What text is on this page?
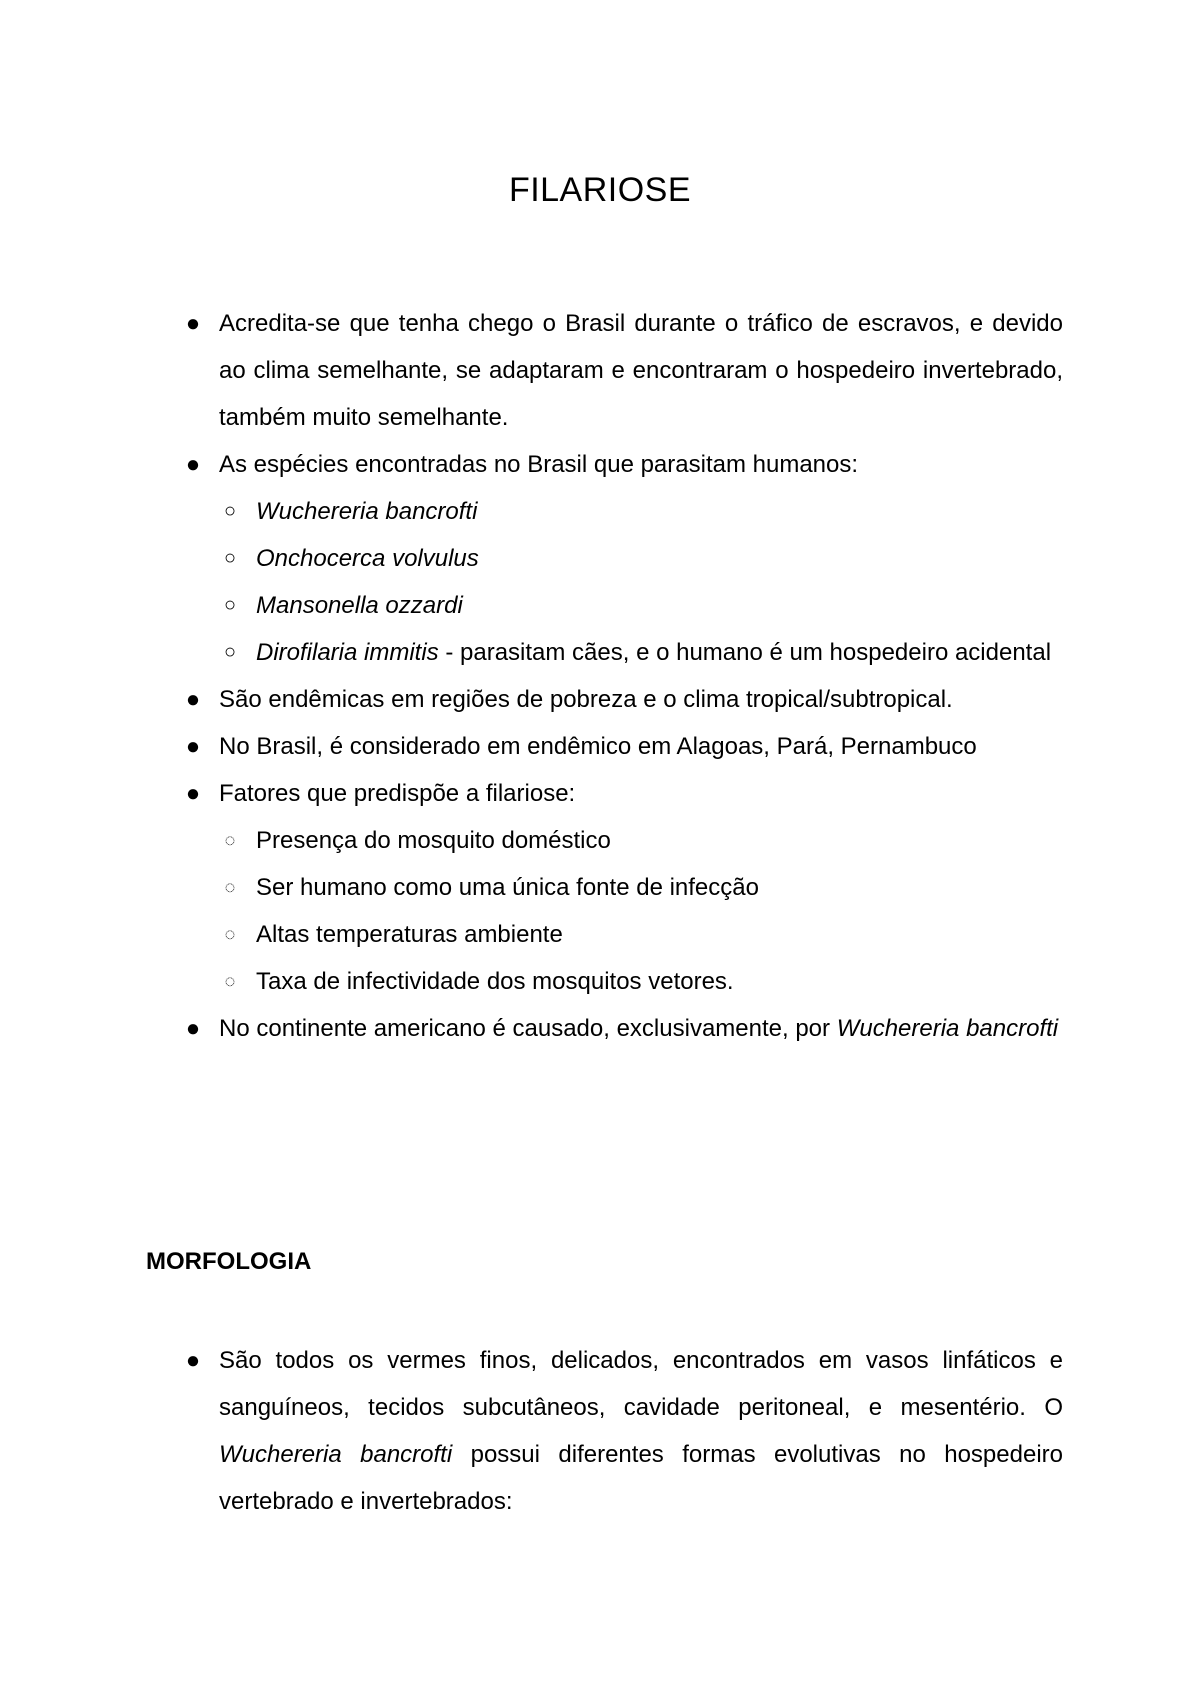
FILARIOSE
● Acredita-se que tenha chego o Brasil durante o tráfico de escravos, e devido ao clima semelhante, se adaptaram e encontraram o hospedeiro invertebrado, também muito semelhante.
● As espécies encontradas no Brasil que parasitam humanos:
○ Wuchereria bancrofti
○ Onchocerca volvulus
○ Mansonella ozzardi
○ Dirofilaria immitis - parasitam cães, e o humano é um hospedeiro acidental
● São endêmicas em regiões de pobreza e o clima tropical/subtropical.
● No Brasil, é considerado em endêmico em Alagoas, Pará, Pernambuco
● Fatores que predispõe a filariose:
◌ Presença do mosquito doméstico
◌ Ser humano como uma única fonte de infecção
◌ Altas temperaturas ambiente
◌ Taxa de infectividade dos mosquitos vetores.
● No continente americano é causado, exclusivamente, por Wuchereria bancrofti
MORFOLOGIA
● São todos os vermes finos, delicados, encontrados em vasos linfáticos e sanguíneos, tecidos subcutâneos, cavidade peritoneal, e mesentério. O Wuchereria bancrofti possui diferentes formas evolutivas no hospedeiro vertebrado e invertebrados:
